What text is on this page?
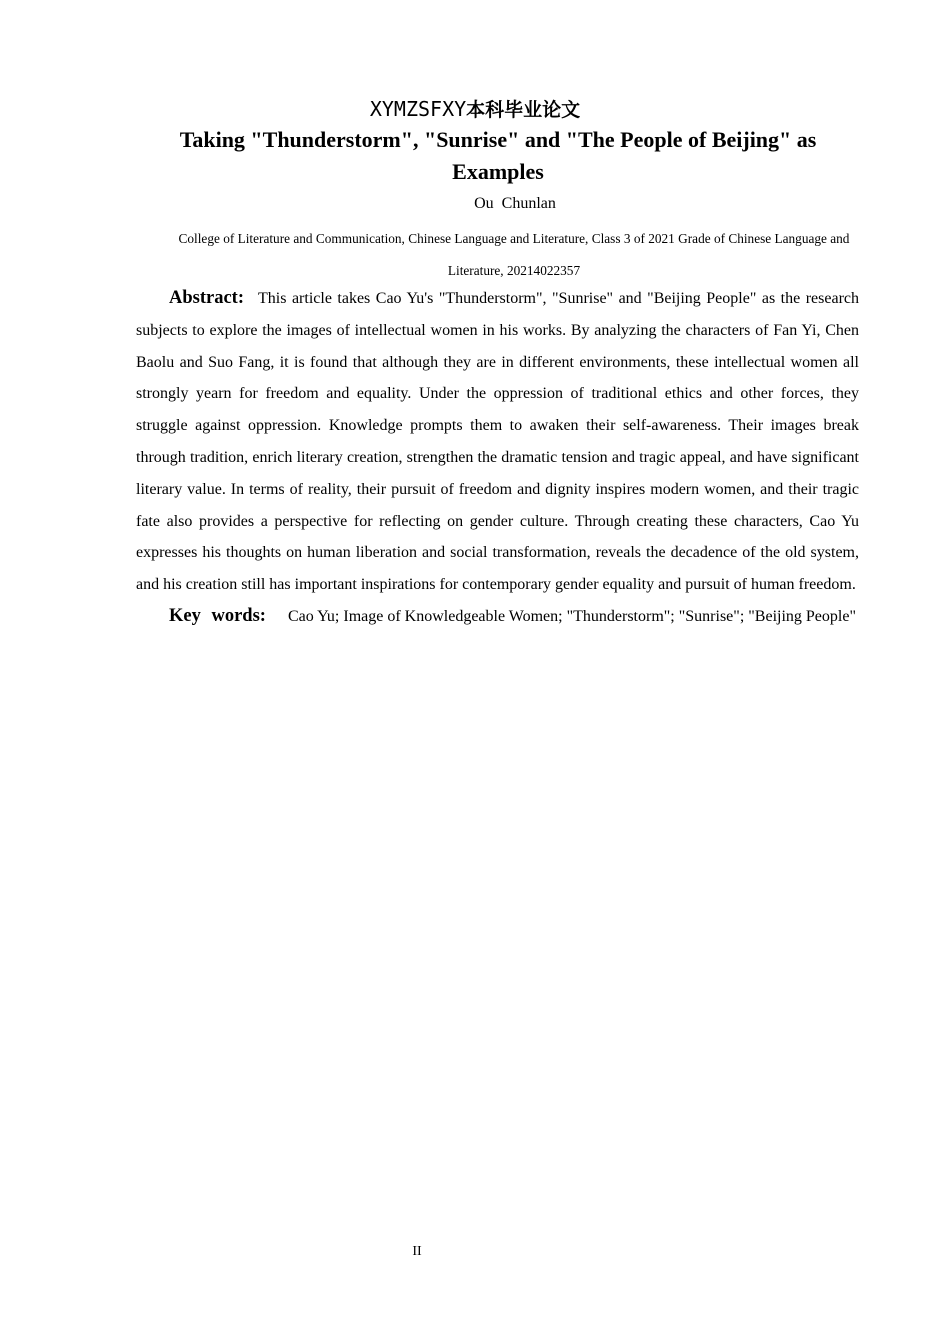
XYMZSFXY本科毕业论文
Taking "Thunderstorm", "Sunrise" and "The People of Beijing" as Examples
Ou  Chunlan
College of Literature and Communication, Chinese Language and Literature, Class 3 of 2021 Grade of Chinese Language and Literature, 20214022357

Abstract: This article takes Cao Yu's "Thunderstorm", "Sunrise" and "Beijing People" as the research subjects to explore the images of intellectual women in his works. By analyzing the characters of Fan Yi, Chen Baolu and Suo Fang, it is found that although they are in different environments, these intellectual women all strongly yearn for freedom and equality. Under the oppression of traditional ethics and other forces, they struggle against oppression. Knowledge prompts them to awaken their self-awareness. Their images break through tradition, enrich literary creation, strengthen the dramatic tension and tragic appeal, and have significant literary value. In terms of reality, their pursuit of freedom and dignity inspires modern women, and their tragic fate also provides a perspective for reflecting on gender culture. Through creating these characters, Cao Yu expresses his thoughts on human liberation and social transformation, reveals the decadence of the old system, and his creation still has important inspirations for contemporary gender equality and pursuit of human freedom.

Key words: Cao Yu; Image of Knowledgeable Women; "Thunderstorm"; "Sunrise"; "Beijing People"

II
